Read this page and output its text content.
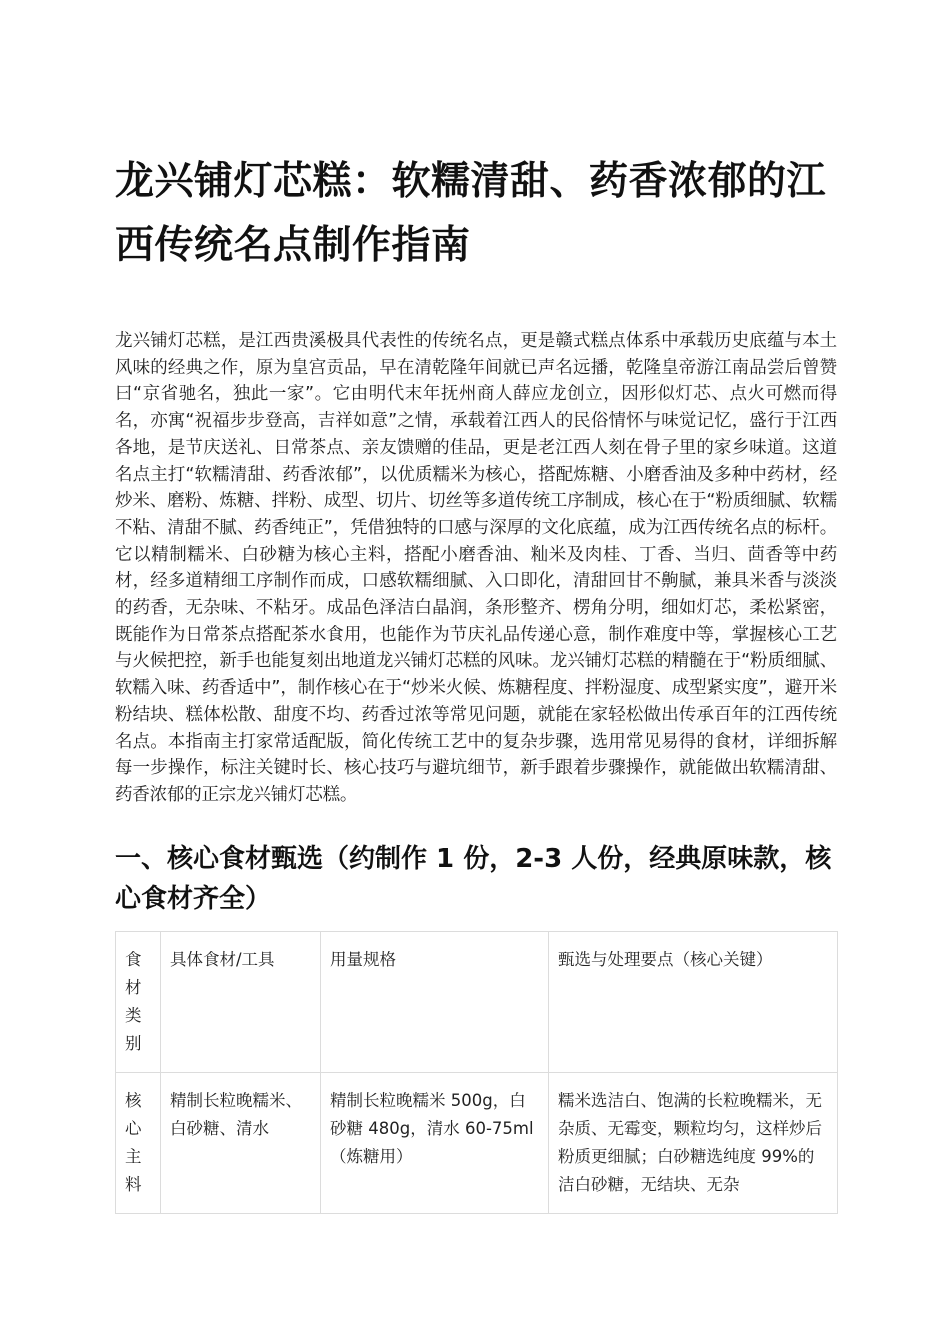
龙兴铺灯芯糕：软糯清甜、药香浓郁的江西传统名点制作指南

龙兴铺灯芯糕，是江西贵溪极具代表性的传统名点，更是赣式糕点体系中承载历史底蕴与本土风味的经典之作，原为皇宫贡品，早在清乾隆年间就已声名远播，乾隆皇帝游江南品尝后曾赞曰“京省驰名，独此一家”。它由明代末年抚州商人薛应龙创立，因形似灯芯、点火可燃而得名，亦寓“祝福步步登高，吉祥如意”之情，承载着江西人的民俗情怀与味觉记忆，盛行于江西各地，是节庆送礼、日常茶点、亲友馈赠的佳品，更是老江西人刻在骨子里的家乡味道。这道名点主打“软糯清甜、药香浓郁”，以优质糯米为核心，搭配炼糖、小磨香油及多种中药材，经炒米、磨粉、炼糖、拌粉、成型、切片、切丝等多道传统工序制成，核心在于“粉质细腻、软糯不粘、清甜不腻、药香纯正”，凭借独特的口感与深厚的文化底蕴，成为江西传统名点的标杆。它以精制糯米、白砂糖为核心主料，搭配小磨香油、籼米及肉桂、丁香、当归、茴香等中药材，经多道精细工序制作而成，口感软糯细腻、入口即化，清甜回甘不齁腻，兼具米香与淡淡的药香，无杂味、不粘牙。成品色泽洁白晶润，条形整齐、楞角分明，细如灯芯，柔松紧密，既能作为日常茶点搭配茶水食用，也能作为节庆礼品传递心意，制作难度中等，掌握核心工艺与火候把控，新手也能复刻出地道龙兴铺灯芯糕的风味。龙兴铺灯芯糕的精髓在于“粉质细腻、软糯入味、药香适中”，制作核心在于“炒米火候、炼糖程度、拌粉湿度、成型紧实度”，避开米粉结块、糕体松散、甜度不均、药香过浓等常见问题，就能在家轻松做出传承百年的江西传统名点。本指南主打家常适配版，简化传统工艺中的复杂步骤，选用常见易得的食材，详细拆解每一步操作，标注关键时长、核心技巧与避坑细节，新手跟着步骤操作，就能做出软糯清甜、药香浓郁的正宗龙兴铺灯芯糕。

一、核心食材甄选（约制作 1 份，2-3 人份，经典原味款，核心食材齐全）
食材类别	具体食材/工具	用量规格	甄选与处理要点（核心关键）
核心主料	精制长粒晚糯米、白砂糖、清水	精制长粒晚糯米 500g，白砂糖 480g，清水 60-75ml（炼糖用）	糯米选洁白、饱满的长粒晚糯米，无杂质、无霉变，颗粒均匀，这样炒后粉质更细腻；白砂糖选纯度 99%的洁白砂糖，无结块、无杂
